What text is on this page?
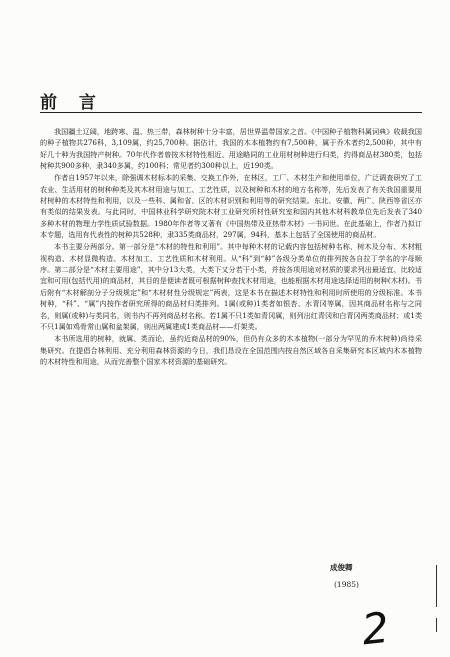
前 言

我国疆土辽阔，地跨寒、温、热三带，森林树种十分丰富，居世界温带国家之首。《中国种子植物科属词典》收载我国的种子植物共276科，3,109属，约25,700种。据估计，我国的木本植物约有7,500种，属于乔木者约2,500种，其中有好几十种为我国特产树种。70年代作者曾按木材特性相近、用途略同的工业用材树种进行归类，约得商品材380类，包括树种共900多种，隶340多属，约100科；常见者约300种以上，近190类。

作者自1957年以来，除强调木材标本的采集、交换工作外，在林区，工厂、木材生产和使用单位，广泛调查研究了工农业、生活用材的树种种类及其木材用途与加工、工艺性质，以及树种和木材的地方名称等，先后发表了有关我国重要用材树种的木材特性和利用，以及一些科、属和省、区的木材识别和利用等的研究结果。东北、安徽、两广、陕西等省区亦有类似的结果发表。与此同时，中国林业科学研究院木材工业研究所材性研究室和国内其他木材科教单位先后发表了340多种木材的物理力学性质试验数据。1980年作者等又著有《中国热带及亚热带木材》一书问世。在此基础上，作者乃拟订本专题，选用有代表性的树种共528种，隶335类商品材，297属，94科，基本上包括了全国使用的商品材。

本书主要分两部分。第一部分是“木材的特性和利用”。其中每种木材的记载内容包括树种名称、树木及分布、木材粗视构造、木材显微构造、木材加工、工艺性质和木材利用。从“科”到“种”各级分类单位的排列按各自拉丁学名的字母顺序。第二部分是“木材主要用途”，其中分13大类，大类下又分若干小类，并按各项用途对材质的要求列出最适宜、比较适宜和可用(包括代用)的商品材，其目的是便读者既可根据树种查找木材用途，也能根据木材用途选择适用的树种(木材)。书后附有“木材解剖分子分级规定”和“木材材性分级规定”两表，这是本书在描述木材特性和利用时所使用的分级标准。本书树种，“科”、“属”内按作者研究所得的商品材归类排列。1属(或种)1类者如银杏、水青冈等属，因其商品材名称与之同名，则属(或种)与类同名，则书内不再列商品材名称。若1属不只1类如青冈属，则列出红青冈和白青冈两类商品材；或1类不只1属如鸡骨常山属和盆架属，则出两属建成1类商品材——灯架类。

本书所选用的树种，就属、类而论，虽约近商品材的90%，但仍有众多的木本植物(一部分为罕见的乔木树种)尚待采集研究。在提倡合林利用、充分利用森林资源的今日，我们恳设在全国范围内按自然区域各自采集研究本区域内木本植物的木材特性和用途，从而完善整个国家木材资源的基础研究。

成俊卿
(1985)
2
